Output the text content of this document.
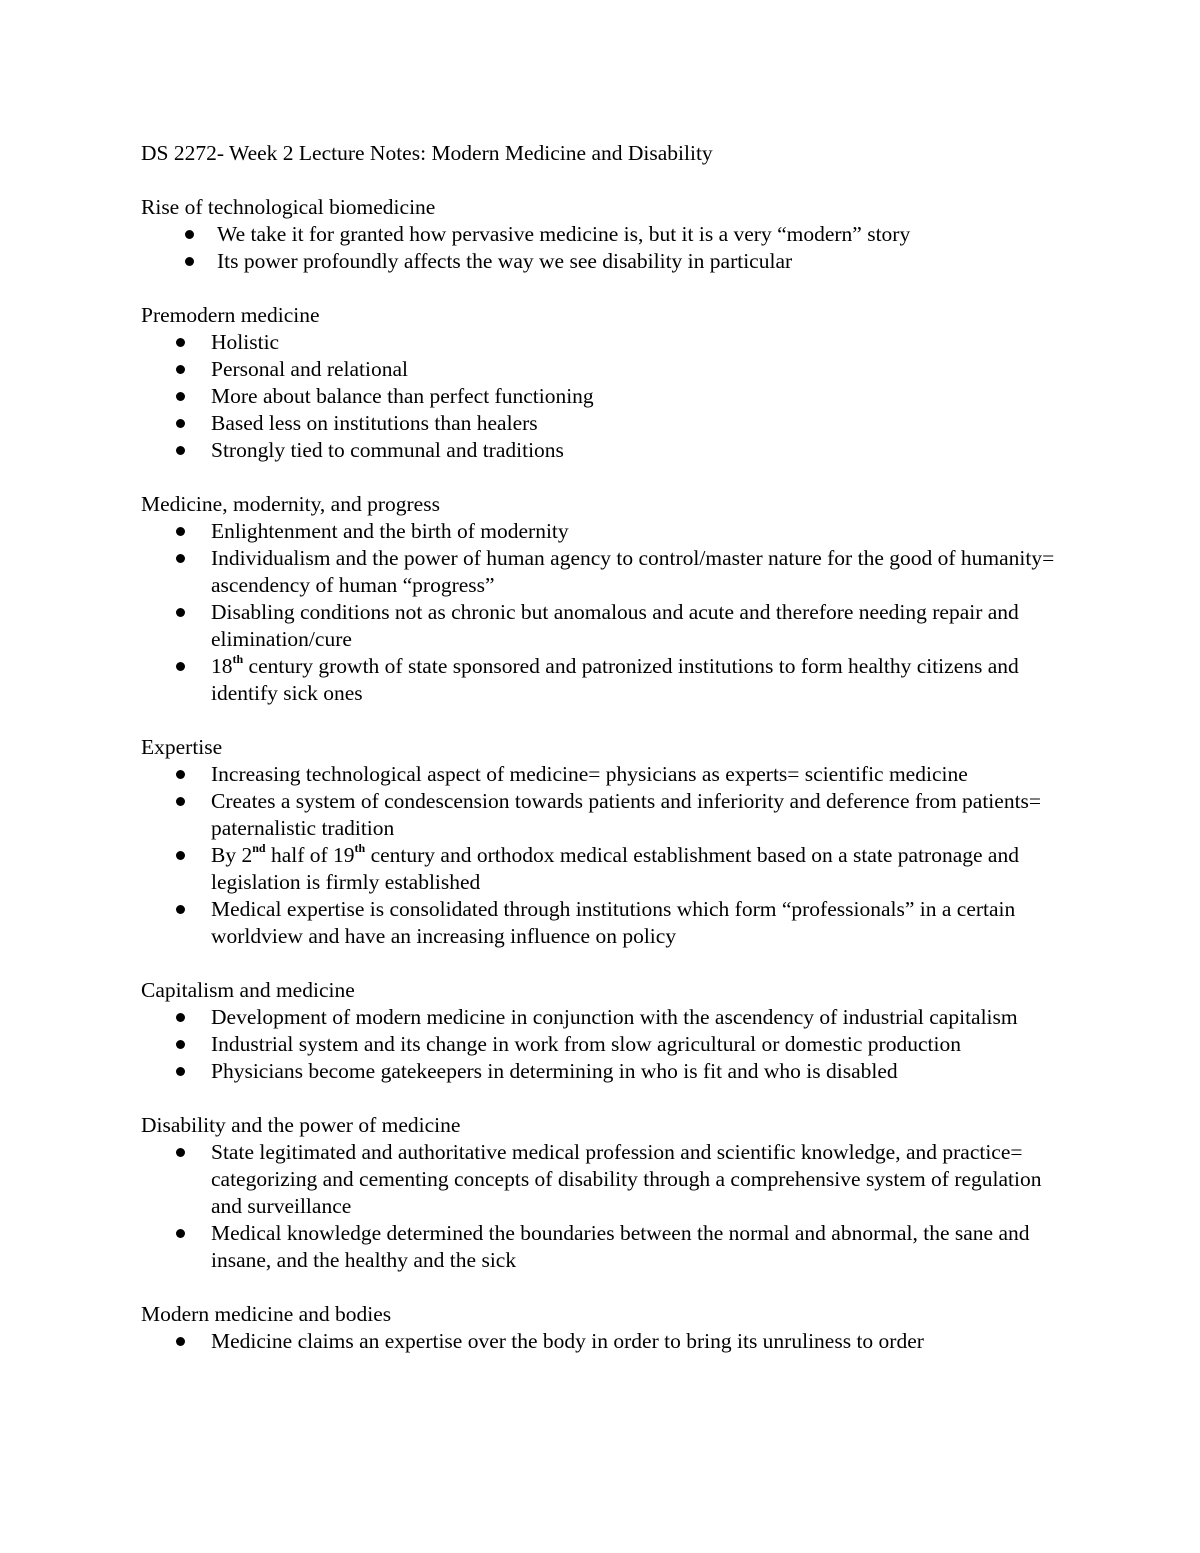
DS 2272- Week 2 Lecture Notes: Modern Medicine and Disability

Rise of technological biomedicine

We take it for granted how pervasive medicine is, but it is a very “modern” story
Its power profoundly affects the way we see disability in particular

Premodern medicine

Holistic
Personal and relational
More about balance than perfect functioning
Based less on institutions than healers
Strongly tied to communal and traditions

Medicine, modernity, and progress

Enlightenment and the birth of modernity
Individualism and the power of human agency to control/master nature for the good of humanity= ascendency of human “progress”
Disabling conditions not as chronic but anomalous and acute and therefore needing repair and elimination/cure
18th century growth of state sponsored and patronized institutions to form healthy citizens and identify sick ones

Expertise

Increasing technological aspect of medicine= physicians as experts= scientific medicine
Creates a system of condescension towards patients and inferiority and deference from patients= paternalistic tradition
By 2nd half of 19th century and orthodox medical establishment based on a state patronage and legislation is firmly established
Medical expertise is consolidated through institutions which form “professionals” in a certain worldview and have an increasing influence on policy

Capitalism and medicine

Development of modern medicine in conjunction with the ascendency of industrial capitalism
Industrial system and its change in work from slow agricultural or domestic production
Physicians become gatekeepers in determining in who is fit and who is disabled

Disability and the power of medicine

State legitimated and authoritative medical profession and scientific knowledge, and practice= categorizing and cementing concepts of disability through a comprehensive system of regulation and surveillance
Medical knowledge determined the boundaries between the normal and abnormal, the sane and insane, and the healthy and the sick

Modern medicine and bodies

Medicine claims an expertise over the body in order to bring its unruliness to order
